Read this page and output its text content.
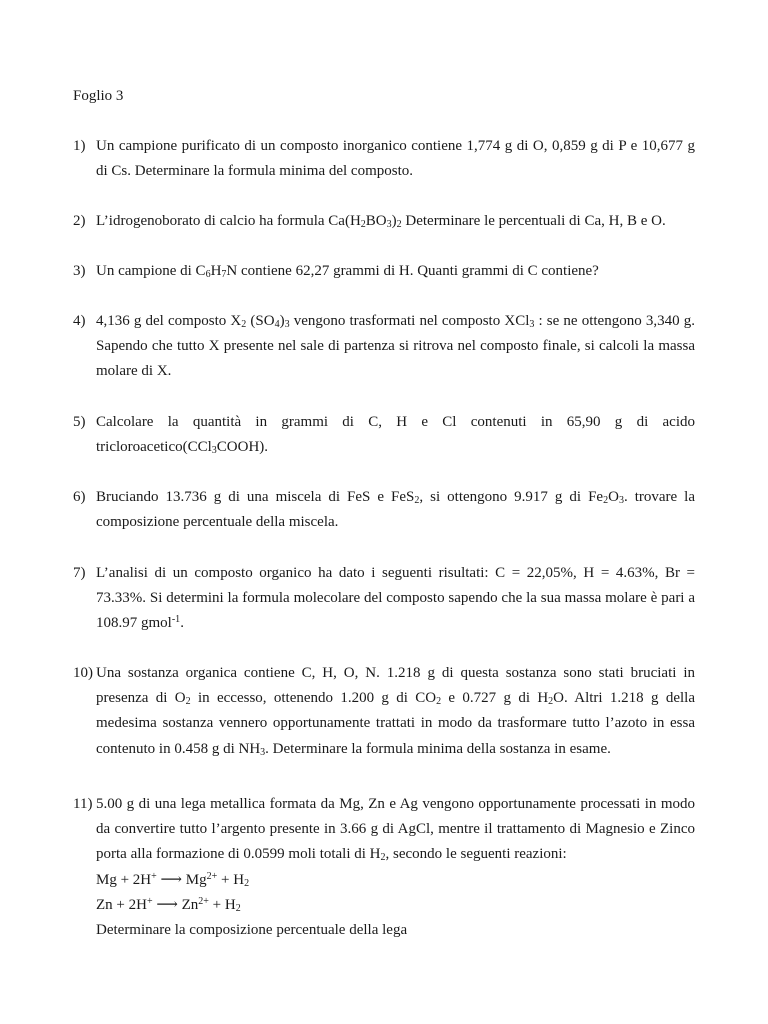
Foglio 3
1) Un campione purificato di un composto inorganico contiene 1,774 g di O, 0,859 g di P e 10,677 g di Cs. Determinare la formula minima del composto.
2) L’idrogenoborato di calcio ha formula $Ca(H_2BO_3)_2$ Determinare le percentuali di Ca, H, B e O.
3) Un campione di $C_6H_7N$ contiene 62,27 grammi di H. Quanti grammi di C contiene?
4) 4,136 g del composto $X_2$ $(SO_4)_3$ vengono trasformati nel composto XCl$_3$ : se ne ottengono 3,340 g. Sapendo che tutto X presente nel sale di partenza si ritrova nel composto finale, si calcoli la massa molare di X.
5) Calcolare la quantità in grammi di C, H e Cl contenuti in 65,90 g di acido tricloroacetico(CCl$_3$COOH).
6) Bruciando 13.736 g di una miscela di FeS e FeS$_2$, si ottengono 9.917 g di $Fe_2O_3$. trovare la composizione percentuale della miscela.
7) L’analisi di un composto organico ha dato i seguenti risultati: C = 22,05%, H = 4.63%, Br = 73.33%. Si determini la formula molecolare del composto sapendo che la sua massa molare è pari a 108.97 gmol$^{-1}$.
10) Una sostanza organica contiene C, H, O, N. 1.218 g di questa sostanza sono stati bruciati in presenza di $O_2$ in eccesso, ottenendo 1.200 g di $CO_2$ e 0.727 g di $H_2O$. Altri 1.218 g della medesima sostanza vennero opportunamente trattati in modo da trasformare tutto l’azoto in essa contenuto in 0.458 g di $NH_3$. Determinare la formula minima della sostanza in esame.
11) 5.00 g di una lega metallica formata da Mg, Zn e Ag vengono opportunamente processati in modo da convertire tutto l’argento presente in 3.66 g di AgCl, mentre il trattamento di Magnesio e Zinco porta alla formazione di 0.0599 moli totali di $H_2$, secondo le seguenti reazioni:
Mg + 2H+ ⟶ $Mg^{2+} + H_2$
Zn + 2H+ ⟶ $Zn^{2+} + H_2$
Determinare la composizione percentuale della lega
